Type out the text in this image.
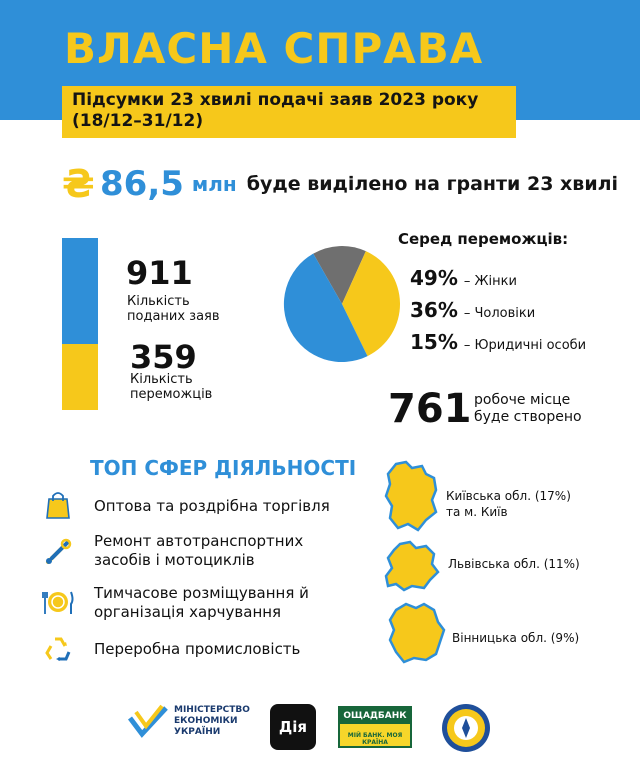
ВЛАСНА СПРАВА
Підсумки 23 хвилі подачі заяв 2023 року
(18/12–31/12)
₴ 86,5 млн буде виділено на гранти 23 хвилі
911
Кількість
поданих заяв
359
Кількість
переможців
Серед переможців:
49% – Жінки
36% – Чоловіки
15% – Юридичні особи
761 робоче місце
буде створено
ТОП СФЕР ДІЯЛЬНОСТІ
Оптова та роздрібна торгівля
Ремонт автотранспортних
засобів і мотоциклів
Тимчасове розміщування й
організація харчування
Переробна промисловість
Київська обл. (17%)
та м. Київ
Львівська обл. (11%)
Вінницька обл. (9%)
МІНІСТЕРСТВО
ЕКОНОМІКИ
УКРАЇНИ	Дія
ОЩАДБАНК
МІЙ БАНК. МОЯ КРАЇНА
